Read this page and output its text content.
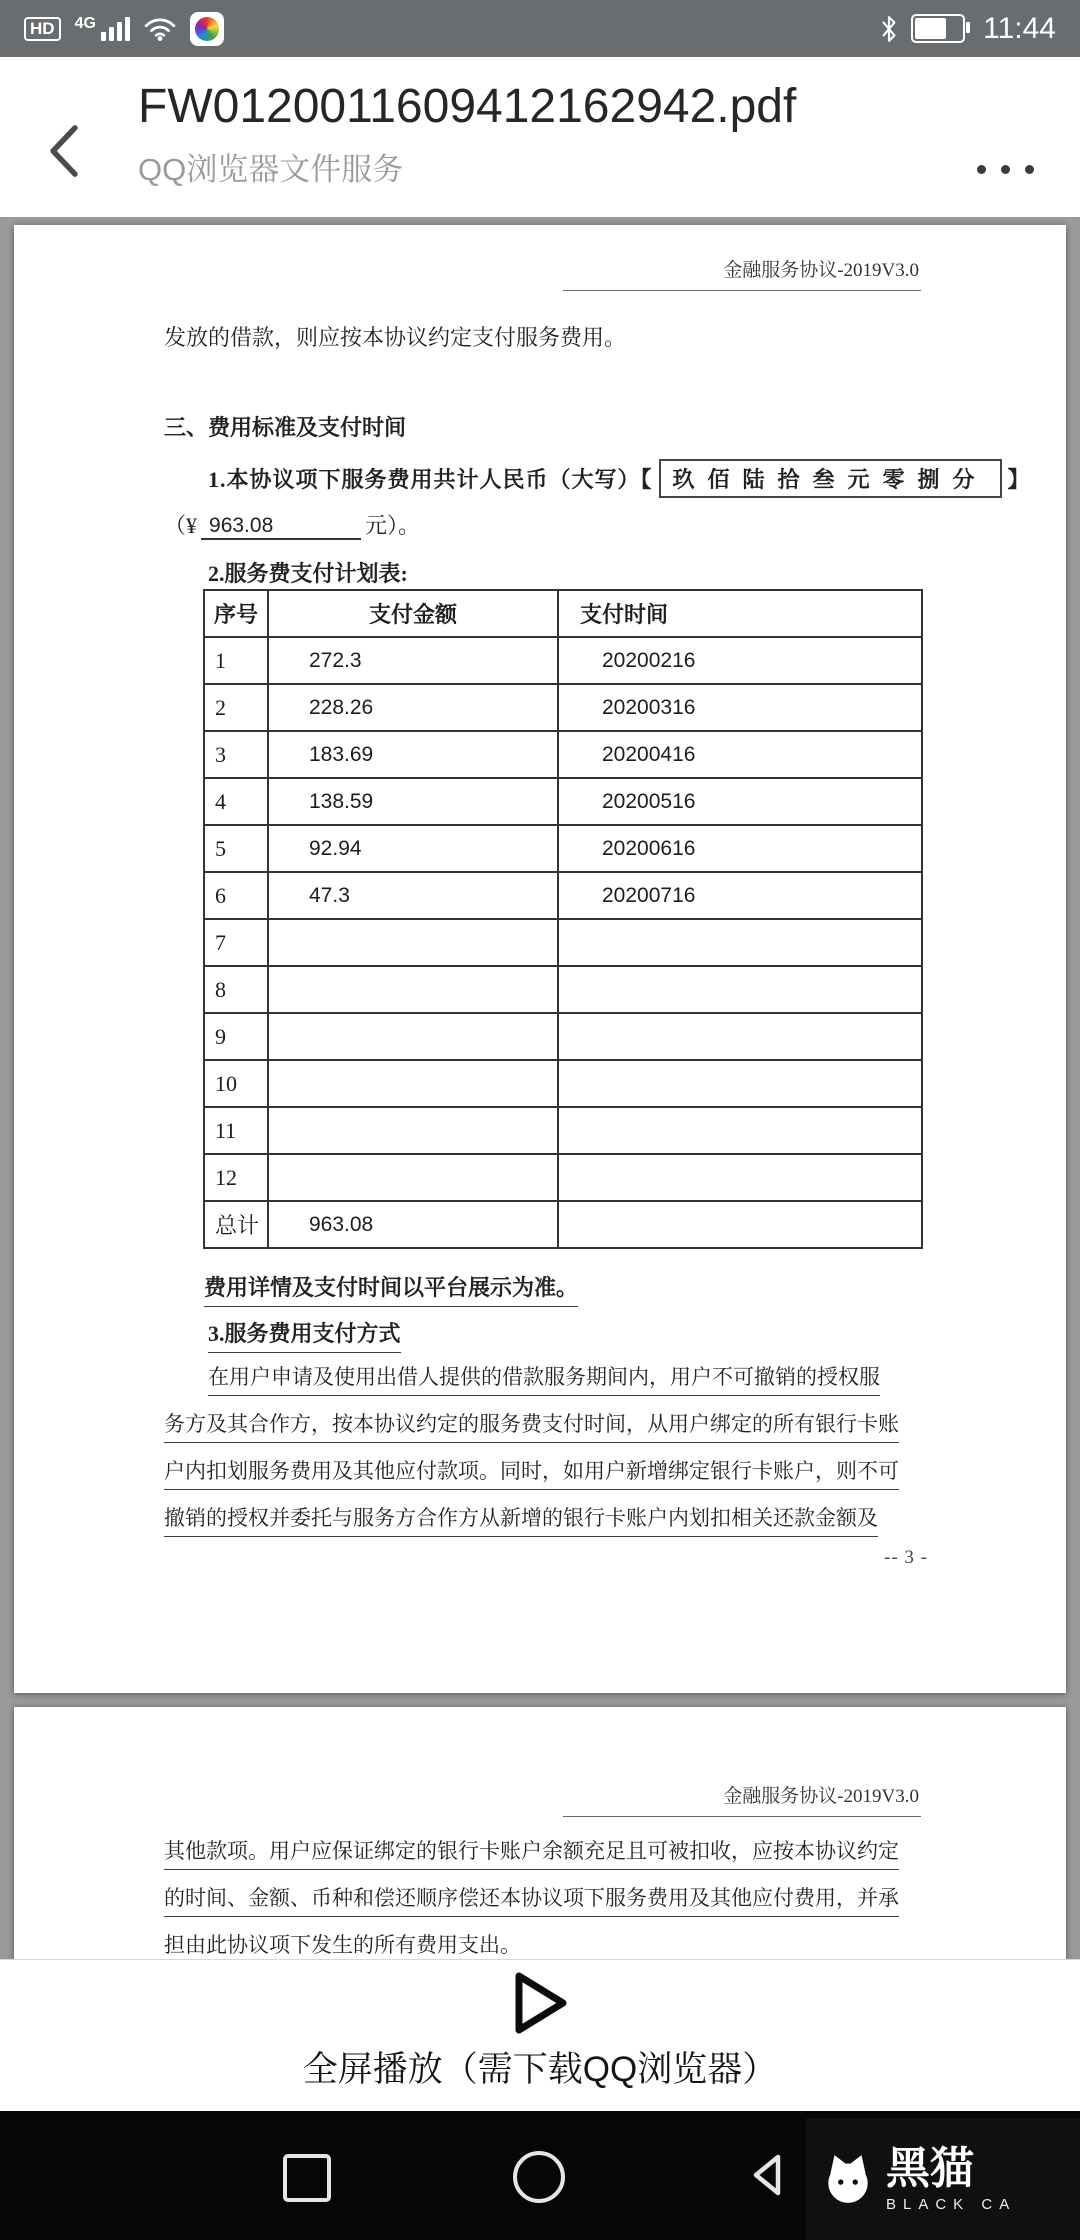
HD	4G	11:44
FW0120011609412162942.pdf
QQ浏览器文件服务
金融服务协议-2019V3.0
发放的借款，则应按本协议约定支付服务费用。
三、费用标准及支付时间
1.本协议项下服务费用共计人民币（大写）【 玖佰陆拾叁元零捌分 】
（¥ 963.08	元）。
2.服务费支付计划表:
序号	支付金额	支付时间
1	272.3	20200216
2	228.26	20200316
3	183.69	20200416
4	138.59	20200516
5	92.94	20200616
6	47.3	20200716
7		
8		
9		
10		
11		
12		
总计	963.08	
费用详情及支付时间以平台展示为准。
3.服务费用支付方式
在用户申请及使用出借人提供的借款服务期间内，用户不可撤销的授权服
务方及其合作方，按本协议约定的服务费支付时间，从用户绑定的所有银行卡账
户内扣划服务费用及其他应付款项。同时，如用户新增绑定银行卡账户，则不可
撤销的授权并委托与服务方合作方从新增的银行卡账户内划扣相关还款金额及
-- 3 -
金融服务协议-2019V3.0
其他款项。用户应保证绑定的银行卡账户余额充足且可被扣收，应按本协议约定
的时间、金额、币种和偿还顺序偿还本协议项下服务费用及其他应付费用，并承
担由此协议项下发生的所有费用支出。
全屏播放（需下载QQ浏览器）
黑猫
BLACK CA
